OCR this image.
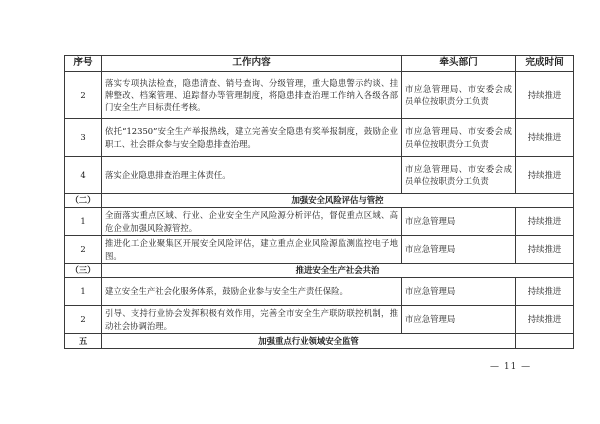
序号	工作内容	牵头部门	完成时间
2	落实专项执法检查，隐患清查、销号查询、分级管理，重大隐患警示约谈、挂牌整改、档案管理、追踪督办等管理制度，将隐患排查治理工作纳入各级各部门安全生产目标责任考核。	市应急管理局、市安委会成员单位按职责分工负责	持续推进
3	依托“12350”安全生产举报热线，建立完善安全隐患有奖举报制度，鼓励企业职工、社会群众参与安全隐患排查治理。	市应急管理局、市安委会成员单位按职责分工负责	持续推进
4	落实企业隐患排查治理主体责任。	市应急管理局、市安委会成员单位按职责分工负责	持续推进
（二）	加强安全风险评估与管控		
1	全面落实重点区域、行业、企业安全生产风险源分析评估，督促重点区域、高危企业加强风险源管控。	市应急管理局	持续推进
2	推进化工企业聚集区开展安全风险评估，建立重点企业风险源监测监控电子地图。	市应急管理局	持续推进
（三）	推进安全生产社会共治		
1	建立安全生产社会化服务体系，鼓励企业参与安全生产责任保险。	市应急管理局	持续推进
2	引导、支持行业协会发挥积极有效作用，完善全市安全生产联防联控机制，推动社会协调治理。	市应急管理局	持续推进
五	加强重点行业领域安全监管		
— 11 —
